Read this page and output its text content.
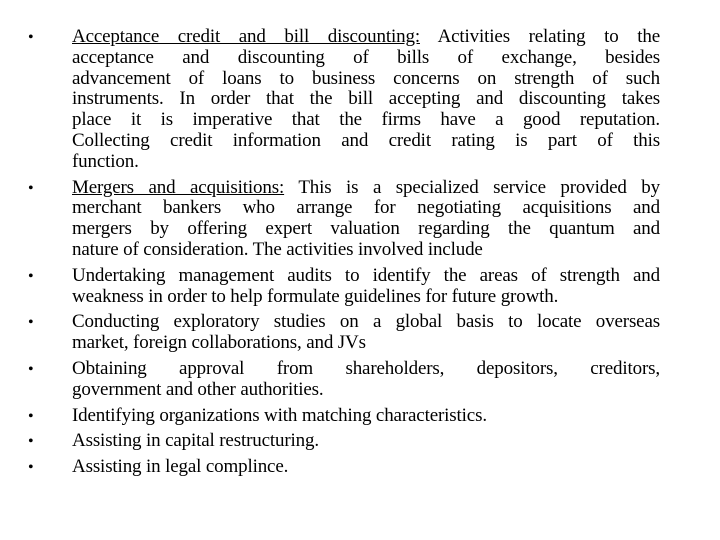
• Acceptance credit and bill discounting: Activities relating to the
acceptance and discounting of bills of exchange, besides
advancement of loans to business concerns on strength of such
instruments. In order that the bill accepting and discounting takes
place it is imperative that the firms have a good reputation.
Collecting credit information and credit rating is part of this
function.
• Mergers and acquisitions: This is a specialized service provided by
merchant bankers who arrange for negotiating acquisitions and
mergers by offering expert valuation regarding the quantum and
nature of consideration. The activities involved include
• Undertaking management audits to identify the areas of strength and
weakness in order to help formulate guidelines for future growth.
• Conducting exploratory studies on a global basis to locate overseas
market, foreign collaborations, and JVs
• Obtaining approval from shareholders, depositors, creditors,
government and other authorities.
• Identifying organizations with matching characteristics.
• Assisting in capital restructuring.
• Assisting in legal complince.
